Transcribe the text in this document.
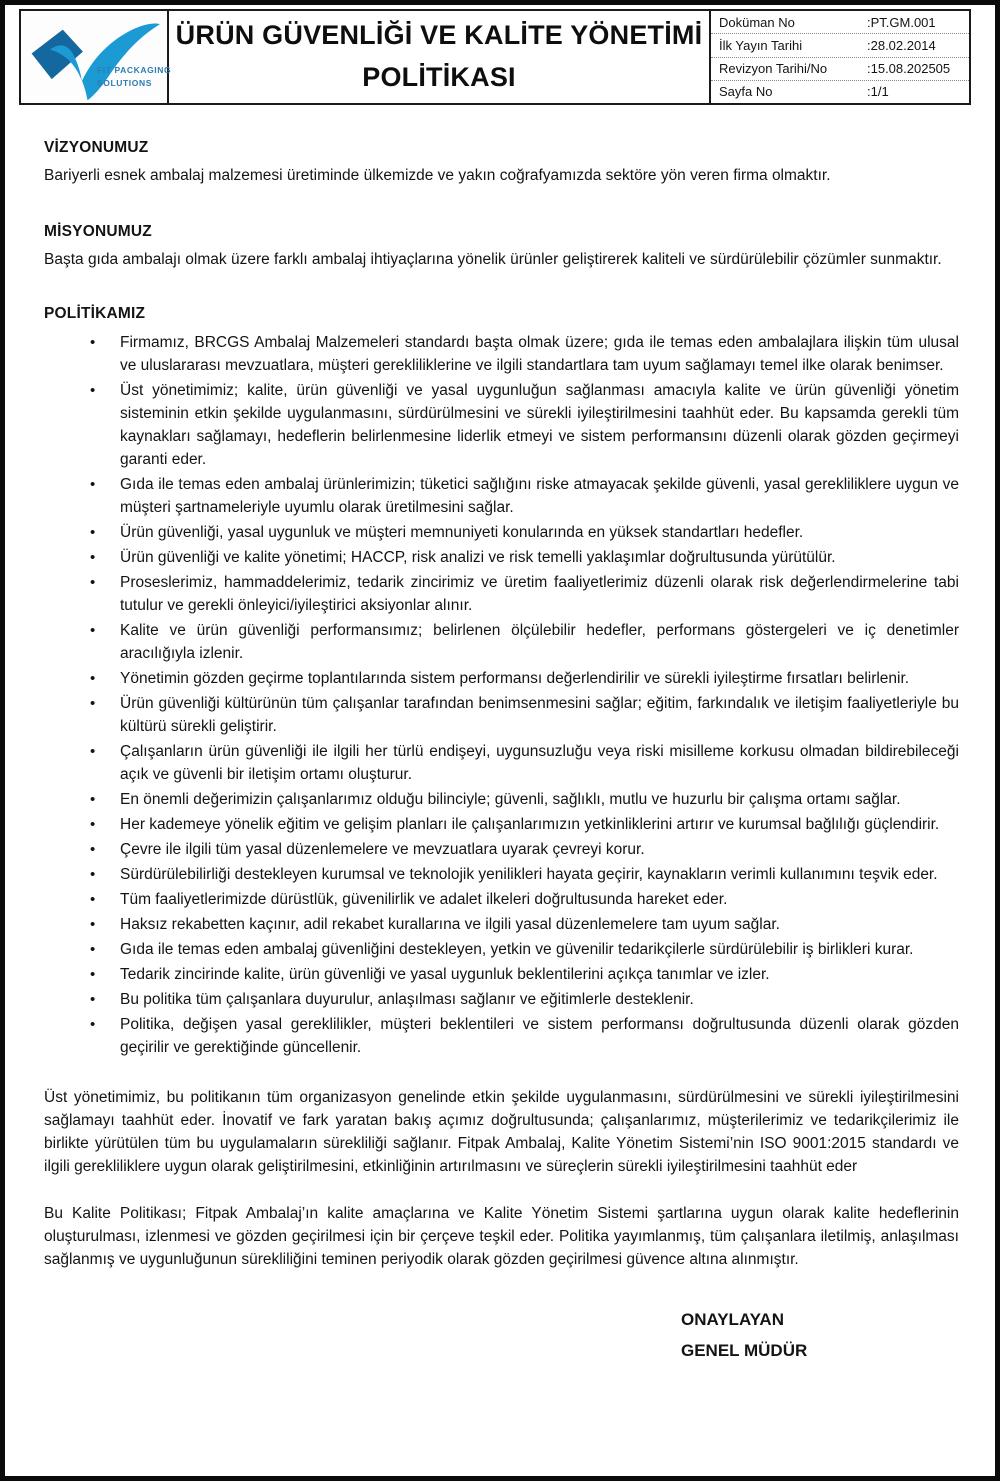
FIT PACKAGING
SOLUTIONS
ÜRÜN GÜVENLİĞİ VE KALİTE YÖNETİMİ
POLİTİKASI
Doküman No	:PT.GM.001
İlk Yayın Tarihi	:28.02.2014
Revizyon Tarihi/No	:15.08.202505
Sayfa No	:1/1
VİZYONUMUZ
Bariyerli esnek ambalaj malzemesi üretiminde ülkemizde ve yakın coğrafyamızda sektöre yön veren firma olmaktır.
MİSYONUMUZ
Başta gıda ambalajı olmak üzere farklı ambalaj ihtiyaçlarına yönelik ürünler geliştirerek kaliteli ve sürdürülebilir çözümler sunmaktır.
POLİTİKAMIZ
• Firmamız, BRCGS Ambalaj Malzemeleri standardı başta olmak üzere; gıda ile temas eden ambalajlara ilişkin tüm ulusal ve uluslararası mevzuatlara, müşteri gerekliliklerine ve ilgili standartlara tam uyum sağlamayı temel ilke olarak benimser.
• Üst yönetimimiz; kalite, ürün güvenliği ve yasal uygunluğun sağlanması amacıyla kalite ve ürün güvenliği yönetim sisteminin etkin şekilde uygulanmasını, sürdürülmesini ve sürekli iyileştirilmesini taahhüt eder. Bu kapsamda gerekli tüm kaynakları sağlamayı, hedeflerin belirlenmesine liderlik etmeyi ve sistem performansını düzenli olarak gözden geçirmeyi garanti eder.
• Gıda ile temas eden ambalaj ürünlerimizin; tüketici sağlığını riske atmayacak şekilde güvenli, yasal gerekliliklere uygun ve müşteri şartnameleriyle uyumlu olarak üretilmesini sağlar.
• Ürün güvenliği, yasal uygunluk ve müşteri memnuniyeti konularında en yüksek standartları hedefler.
• Ürün güvenliği ve kalite yönetimi; HACCP, risk analizi ve risk temelli yaklaşımlar doğrultusunda yürütülür.
• Proseslerimiz, hammaddelerimiz, tedarik zincirimiz ve üretim faaliyetlerimiz düzenli olarak risk değerlendirmelerine tabi tutulur ve gerekli önleyici/iyileştirici aksiyonlar alınır.
• Kalite ve ürün güvenliği performansımız; belirlenen ölçülebilir hedefler, performans göstergeleri ve iç denetimler aracılığıyla izlenir.
• Yönetimin gözden geçirme toplantılarında sistem performansı değerlendirilir ve sürekli iyileştirme fırsatları belirlenir.
• Ürün güvenliği kültürünün tüm çalışanlar tarafından benimsenmesini sağlar; eğitim, farkındalık ve iletişim faaliyetleriyle bu kültürü sürekli geliştirir.
• Çalışanların ürün güvenliği ile ilgili her türlü endişeyi, uygunsuzluğu veya riski misilleme korkusu olmadan bildirebileceği açık ve güvenli bir iletişim ortamı oluşturur.
• En önemli değerimizin çalışanlarımız olduğu bilinciyle; güvenli, sağlıklı, mutlu ve huzurlu bir çalışma ortamı sağlar.
• Her kademeye yönelik eğitim ve gelişim planları ile çalışanlarımızın yetkinliklerini artırır ve kurumsal bağlılığı güçlendirir.
• Çevre ile ilgili tüm yasal düzenlemelere ve mevzuatlara uyarak çevreyi korur.
• Sürdürülebilirliği destekleyen kurumsal ve teknolojik yenilikleri hayata geçirir, kaynakların verimli kullanımını teşvik eder.
• Tüm faaliyetlerimizde dürüstlük, güvenilirlik ve adalet ilkeleri doğrultusunda hareket eder.
• Haksız rekabetten kaçınır, adil rekabet kurallarına ve ilgili yasal düzenlemelere tam uyum sağlar.
• Gıda ile temas eden ambalaj güvenliğini destekleyen, yetkin ve güvenilir tedarikçilerle sürdürülebilir iş birlikleri kurar.
• Tedarik zincirinde kalite, ürün güvenliği ve yasal uygunluk beklentilerini açıkça tanımlar ve izler.
• Bu politika tüm çalışanlara duyurulur, anlaşılması sağlanır ve eğitimlerle desteklenir.
• Politika, değişen yasal gereklilikler, müşteri beklentileri ve sistem performansı doğrultusunda düzenli olarak gözden geçirilir ve gerektiğinde güncellenir.

Üst yönetimimiz, bu politikanın tüm organizasyon genelinde etkin şekilde uygulanmasını, sürdürülmesini ve sürekli iyileştirilmesini sağlamayı taahhüt eder. İnovatif ve fark yaratan bakış açımız doğrultusunda; çalışanlarımız, müşterilerimiz ve tedarikçilerimiz ile birlikte yürütülen tüm bu uygulamaların sürekliliği sağlanır. Fitpak Ambalaj, Kalite Yönetim Sistemi’nin ISO 9001:2015 standardı ve ilgili gerekliliklere uygun olarak geliştirilmesini, etkinliğinin artırılmasını ve süreçlerin sürekli iyileştirilmesini taahhüt eder

Bu Kalite Politikası; Fitpak Ambalaj’ın kalite amaçlarına ve Kalite Yönetim Sistemi şartlarına uygun olarak kalite hedeflerinin oluşturulması, izlenmesi ve gözden geçirilmesi için bir çerçeve teşkil eder. Politika yayımlanmış, tüm çalışanlara iletilmiş, anlaşılması sağlanmış ve uygunluğunun sürekliliğini teminen periyodik olarak gözden geçirilmesi güvence altına alınmıştır.

ONAYLAYAN
GENEL MÜDÜR
